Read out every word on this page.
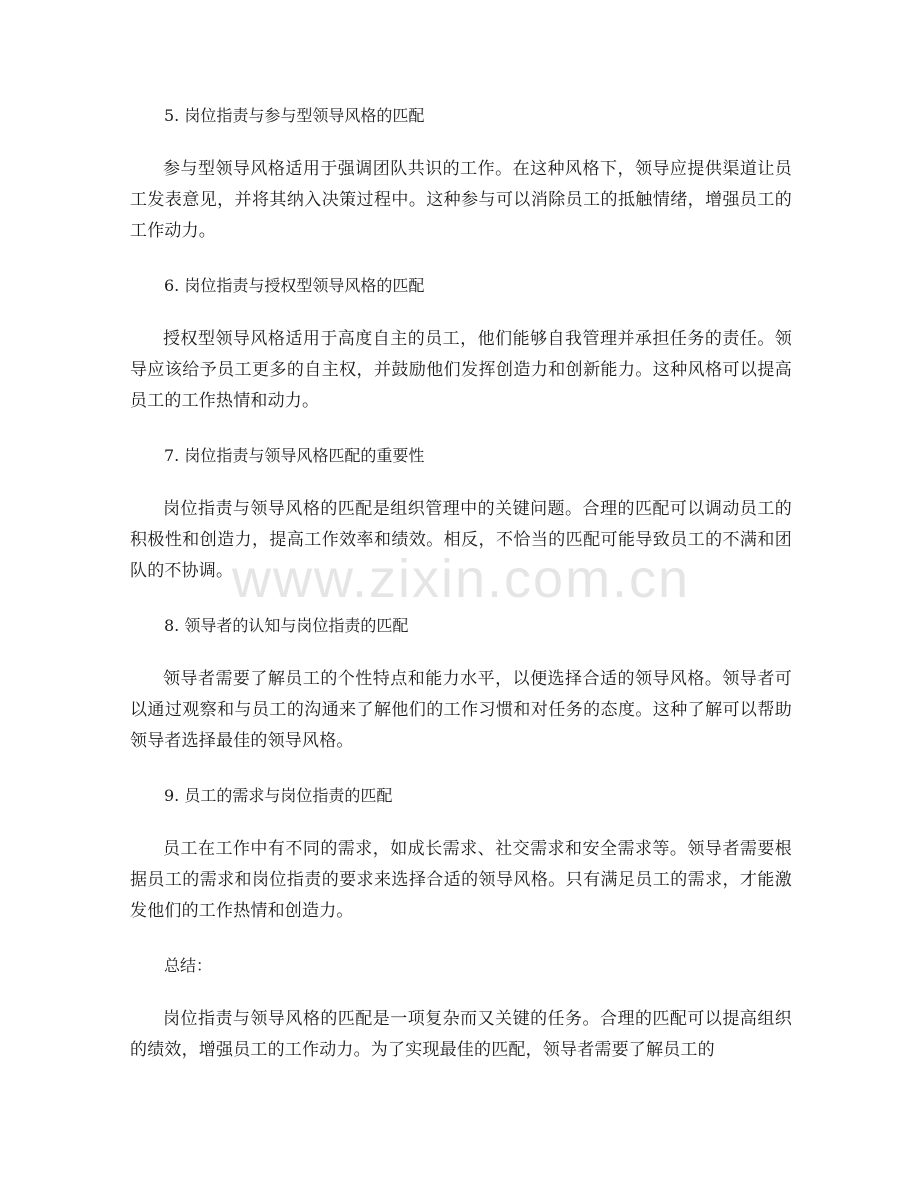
5. 岗位指责与参与型领导风格的匹配

参与型领导风格适用于强调团队共识的工作。在这种风格下，领导应提供渠道让员工发表意见，并将其纳入决策过程中。这种参与可以消除员工的抵触情绪，增强员工的工作动力。

6. 岗位指责与授权型领导风格的匹配

授权型领导风格适用于高度自主的员工，他们能够自我管理并承担任务的责任。领导应该给予员工更多的自主权，并鼓励他们发挥创造力和创新能力。这种风格可以提高员工的工作热情和动力。

7. 岗位指责与领导风格匹配的重要性

岗位指责与领导风格的匹配是组织管理中的关键问题。合理的匹配可以调动员工的积极性和创造力，提高工作效率和绩效。相反，不恰当的匹配可能导致员工的不满和团队的不协调。

8. 领导者的认知与岗位指责的匹配

领导者需要了解员工的个性特点和能力水平，以便选择合适的领导风格。领导者可以通过观察和与员工的沟通来了解他们的工作习惯和对任务的态度。这种了解可以帮助领导者选择最佳的领导风格。

9. 员工的需求与岗位指责的匹配

员工在工作中有不同的需求，如成长需求、社交需求和安全需求等。领导者需要根据员工的需求和岗位指责的要求来选择合适的领导风格。只有满足员工的需求，才能激发他们的工作热情和创造力。

总结：

岗位指责与领导风格的匹配是一项复杂而又关键的任务。合理的匹配可以提高组织的绩效，增强员工的工作动力。为了实现最佳的匹配，领导者需要了解员工的

www.zixin.com.cn
